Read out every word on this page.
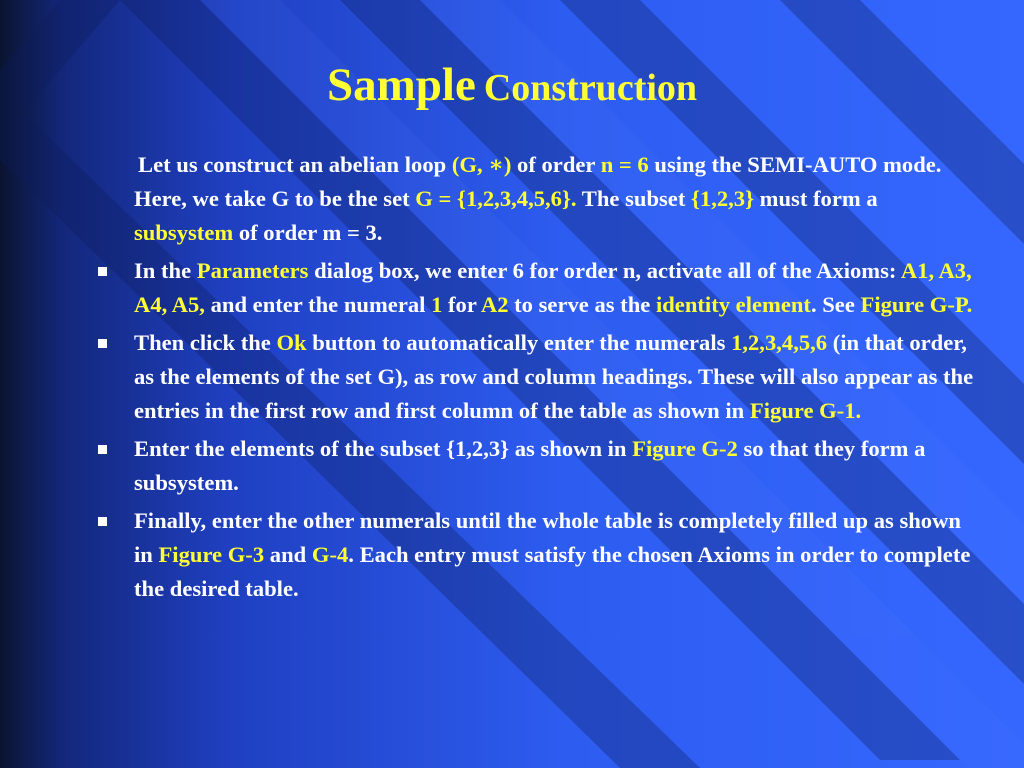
Sample Construction

Let us construct an abelian loop (G, ∗) of order n = 6 using the SEMI-AUTO mode. Here, we take G to be the set G = {1,2,3,4,5,6}. The subset {1,2,3} must form a subsystem of order m = 3.

In the Parameters dialog box, we enter 6 for order n, activate all of the Axioms: A1, A3, A4, A5, and enter the numeral 1 for A2 to serve as the identity element. See Figure G-P.

Then click the Ok button to automatically enter the numerals 1,2,3,4,5,6 (in that order, as the elements of the set G), as row and column headings. These will also appear as the entries in the first row and first column of the table as shown in Figure G-1.

Enter the elements of the subset {1,2,3} as shown in Figure G-2 so that they form a subsystem.

Finally, enter the other numerals until the whole table is completely filled up as shown in Figure G-3 and G-4. Each entry must satisfy the chosen Axioms in order to complete the desired table.
